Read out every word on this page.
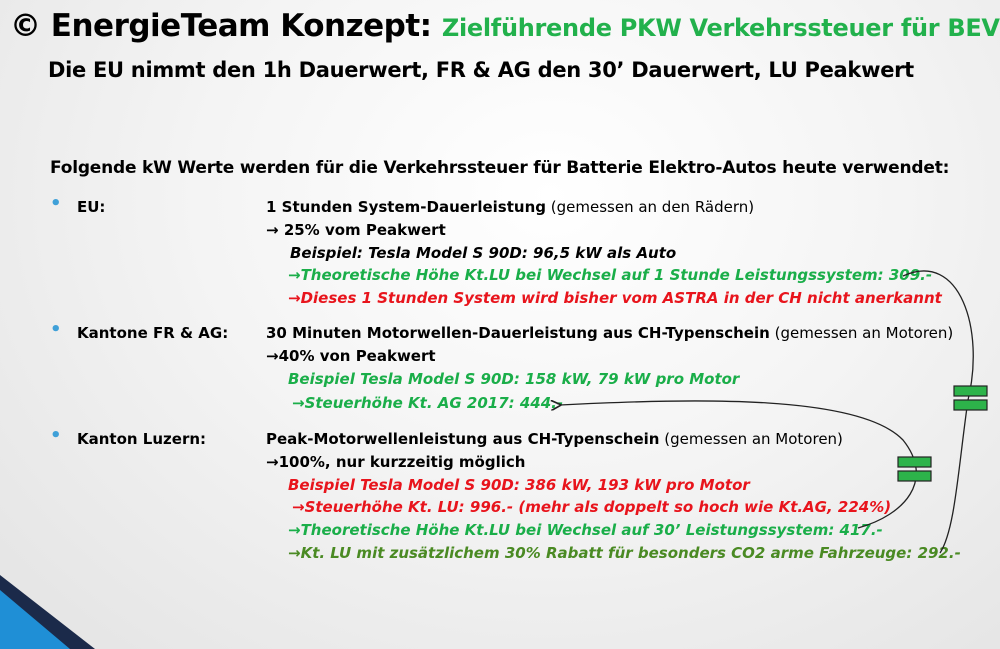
© EnergieTeam Konzept: Zielführende PKW Verkehrssteuer für BEV
Die EU nimmt den 1h Dauerwert, FR & AG den 30’ Dauerwert, LU Peakwert
Folgende kW Werte werden für die Verkehrssteuer für Batterie Elektro-Autos heute verwendet:
• EU:	1 Stunden System-Dauerleistung (gemessen an den Rädern)
→ 25% vom Peakwert
Beispiel: Tesla Model S 90D: 96,5 kW als Auto
→Theoretische Höhe Kt.LU bei Wechsel auf 1 Stunde Leistungssystem: 309.-
→Dieses 1 Stunden System wird bisher vom ASTRA in der CH nicht anerkannt
• Kantone FR & AG:	30 Minuten Motorwellen-Dauerleistung aus CH-Typenschein (gemessen an Motoren)
→40% von Peakwert
Beispiel Tesla Model S 90D: 158 kW, 79 kW pro Motor
→Steuerhöhe Kt. AG 2017: 444.-
• Kanton Luzern:	Peak-Motorwellenleistung aus CH-Typenschein (gemessen an Motoren)
→100%, nur kurzzeitig möglich
Beispiel Tesla Model S 90D: 386 kW, 193 kW pro Motor
→Steuerhöhe Kt. LU: 996.- (mehr als doppelt so hoch wie Kt.AG, 224%)
→Theoretische Höhe Kt.LU bei Wechsel auf 30’ Leistungssystem: 417.-
→Kt. LU mit zusätzlichem 30% Rabatt für besonders CO2 arme Fahrzeuge: 292.-
